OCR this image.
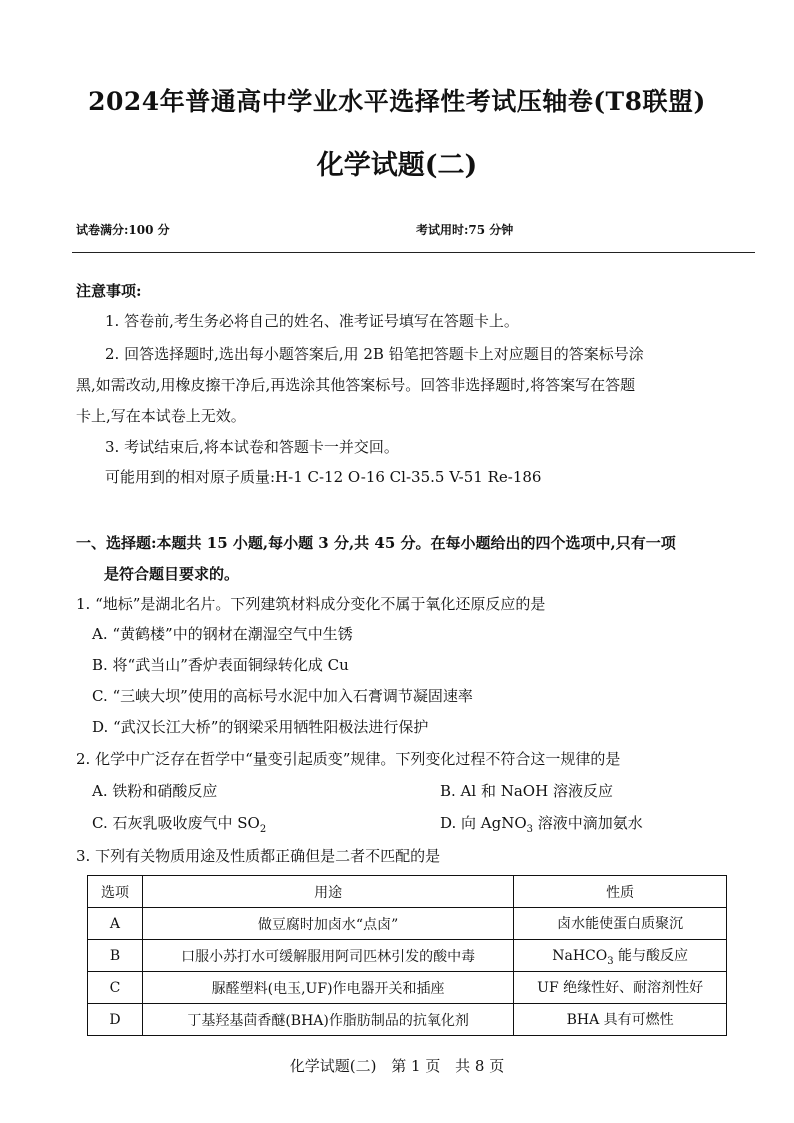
2024年普通高中学业水平选择性考试压轴卷(T8联盟)
化学试题(二)
试卷满分:100 分	考试用时:75 分钟
注意事项:
1. 答卷前,考生务必将自己的姓名、准考证号填写在答题卡上。
2. 回答选择题时,选出每小题答案后,用 2B 铅笔把答题卡上对应题目的答案标号涂
黑,如需改动,用橡皮擦干净后,再选涂其他答案标号。回答非选择题时,将答案写在答题
卡上,写在本试卷上无效。
3. 考试结束后,将本试卷和答题卡一并交回。
可能用到的相对原子质量:H-1 C-12 O-16 Cl-35.5 V-51 Re-186
一、选择题:本题共 15 小题,每小题 3 分,共 45 分。在每小题给出的四个选项中,只有一项
是符合题目要求的。
1. “地标”是湖北名片。下列建筑材料成分变化不属于氧化还原反应的是
A. “黄鹤楼”中的钢材在潮湿空气中生锈
B. 将“武当山”香炉表面铜绿转化成 Cu
C. “三峡大坝”使用的高标号水泥中加入石膏调节凝固速率
D. “武汉长江大桥”的钢梁采用牺牲阳极法进行保护
2. 化学中广泛存在哲学中“量变引起质变”规律。下列变化过程不符合这一规律的是
A. 铁粉和硝酸反应	B. Al 和 NaOH 溶液反应
C. 石灰乳吸收废气中 $SO_2$	D. 向 AgNO$_3$ 溶液中滴加氨水
3. 下列有关物质用途及性质都正确但是二者不匹配的是
选项	用途	性质
A	做豆腐时加卤水“点卤”	卤水能使蛋白质聚沉
B	口服小苏打水可缓解服用阿司匹林引发的酸中毒	NaHCO$_3$ 能与酸反应
C	脲醛塑料(电玉,UF)作电器开关和插座	UF 绝缘性好、耐溶剂性好
D	丁基羟基茴香醚(BHA)作脂肪制品的抗氧化剂	BHA 具有可燃性
化学试题(二) 第 1 页 共 8 页
